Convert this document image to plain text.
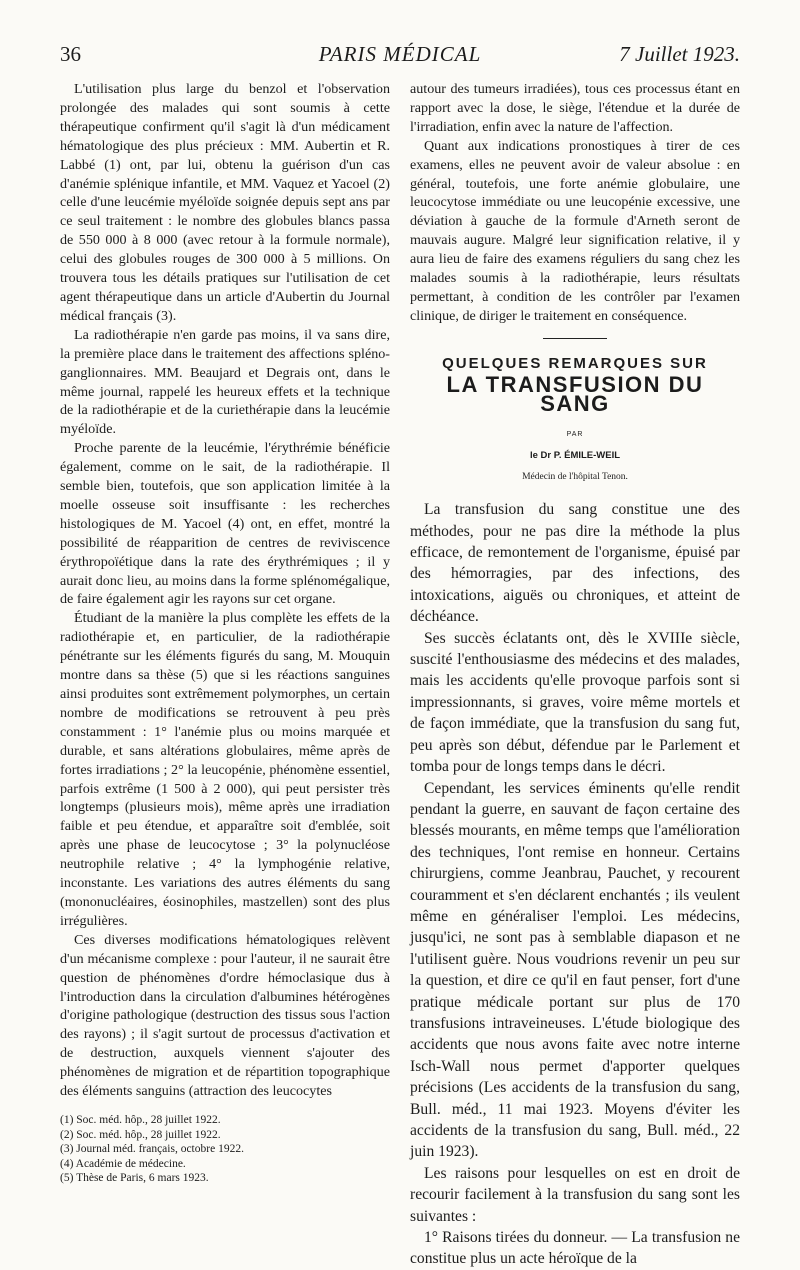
36	PARIS MÉDICAL	7 Juillet 1923.

L'utilisation plus large du benzol et l'observation prolongée des malades qui sont soumis à cette thérapeutique confirment qu'il s'agit là d'un médicament hématologique des plus précieux : MM. Aubertin et R. Labbé (1) ont, par lui, obtenu la guérison d'un cas d'anémie splénique infantile, et MM. Vaquez et Yacoel (2) celle d'une leucémie myéloïde soignée depuis sept ans par ce seul traitement : le nombre des globules blancs passa de 550 000 à 8 000 (avec retour à la formule normale), celui des globules rouges de 300 000 à 5 millions. On trouvera tous les détails pratiques sur l'utilisation de cet agent thérapeutique dans un article d'Aubertin du Journal médical français (3).

La radiothérapie n'en garde pas moins, il va sans dire, la première place dans le traitement des affections spléno-ganglionnaires. MM. Beaujard et Degrais ont, dans le même journal, rappelé les heureux effets et la technique de la radiothérapie et de la curiethérapie dans la leucémie myéloïde.

Proche parente de la leucémie, l'érythrémie bénéficie également, comme on le sait, de la radiothérapie. Il semble bien, toutefois, que son application limitée à la moelle osseuse soit insuffisante : les recherches histologiques de M. Yacoel (4) ont, en effet, montré la possibilité de réapparition de centres de reviviscence érythropoïétique dans la rate des érythrémiques ; il y aurait donc lieu, au moins dans la forme splénomégalique, de faire également agir les rayons sur cet organe.

Étudiant de la manière la plus complète les effets de la radiothérapie et, en particulier, de la radiothérapie pénétrante sur les éléments figurés du sang, M. Mouquin montre dans sa thèse (5) que si les réactions sanguines ainsi produites sont extrêmement polymorphes, un certain nombre de modifications se retrouvent à peu près constamment : 1° l'anémie plus ou moins marquée et durable, et sans altérations globulaires, même après de fortes irradiations ; 2° la leucopénie, phénomène essentiel, parfois extrême (1 500 à 2 000), qui peut persister très longtemps (plusieurs mois), même après une irradiation faible et peu étendue, et apparaître soit d'emblée, soit après une phase de leucocytose ; 3° la polynucléose neutrophile relative ; 4° la lymphogénie relative, inconstante. Les variations des autres éléments du sang (mononucléaires, éosinophiles, mastzellen) sont des plus irrégulières.

Ces diverses modifications hématologiques relèvent d'un mécanisme complexe : pour l'auteur, il ne saurait être question de phénomènes d'ordre hémoclasique dus à l'introduction dans la circulation d'albumines hétérogènes d'origine pathologique (destruction des tissus sous l'action des rayons) ; il s'agit surtout de processus d'activation et de destruction, auxquels viennent s'ajouter des phénomènes de migration et de répartition topographique des éléments sanguins (attraction des leucocytes

(1) Soc. méd. hôp., 28 juillet 1922.

(2) Soc. méd. hôp., 28 juillet 1922.

(3) Journal méd. français, octobre 1922.

(4) Académie de médecine.

(5) Thèse de Paris, 6 mars 1923.

autour des tumeurs irradiées), tous ces processus étant en rapport avec la dose, le siège, l'étendue et la durée de l'irradiation, enfin avec la nature de l'affection.

Quant aux indications pronostiques à tirer de ces examens, elles ne peuvent avoir de valeur absolue : en général, toutefois, une forte anémie globulaire, une leucocytose immédiate ou une leucopénie excessive, une déviation à gauche de la formule d'Arneth seront de mauvais augure. Malgré leur signification relative, il y aura lieu de faire des examens réguliers du sang chez les malades soumis à la radiothérapie, leurs résultats permettant, à condition de les contrôler par l'examen clinique, de diriger le traitement en conséquence.

QUELQUES REMARQUES SUR
LA TRANSFUSION DU SANG
PAR
le Dr P. ÉMILE-WEIL
Médecin de l'hôpital Tenon.

La transfusion du sang constitue une des méthodes, pour ne pas dire la méthode la plus efficace, de remontement de l'organisme, épuisé par des hémorragies, par des infections, des intoxications, aiguës ou chroniques, et atteint de déchéance.

Ses succès éclatants ont, dès le XVIIIe siècle, suscité l'enthousiasme des médecins et des malades, mais les accidents qu'elle provoque parfois sont si impressionnants, si graves, voire même mortels et de façon immédiate, que la transfusion du sang fut, peu après son début, défendue par le Parlement et tomba pour de longs temps dans le décri.

Cependant, les services éminents qu'elle rendit pendant la guerre, en sauvant de façon certaine des blessés mourants, en même temps que l'amélioration des techniques, l'ont remise en honneur. Certains chirurgiens, comme Jeanbrau, Pauchet, y recourent couramment et s'en déclarent enchantés ; ils veulent même en généraliser l'emploi. Les médecins, jusqu'ici, ne sont pas à semblable diapason et ne l'utilisent guère. Nous voudrions revenir un peu sur la question, et dire ce qu'il en faut penser, fort d'une pratique médicale portant sur plus de 170 transfusions intraveineuses. L'étude biologique des accidents que nous avons faite avec notre interne Isch-Wall nous permet d'apporter quelques précisions (Les accidents de la transfusion du sang, Bull. méd., 11 mai 1923. Moyens d'éviter les accidents de la transfusion du sang, Bull. méd., 22 juin 1923).

Les raisons pour lesquelles on est en droit de recourir facilement à la transfusion du sang sont les suivantes :

1° Raisons tirées du donneur. — La transfusion ne constitue plus un acte héroïque de la
